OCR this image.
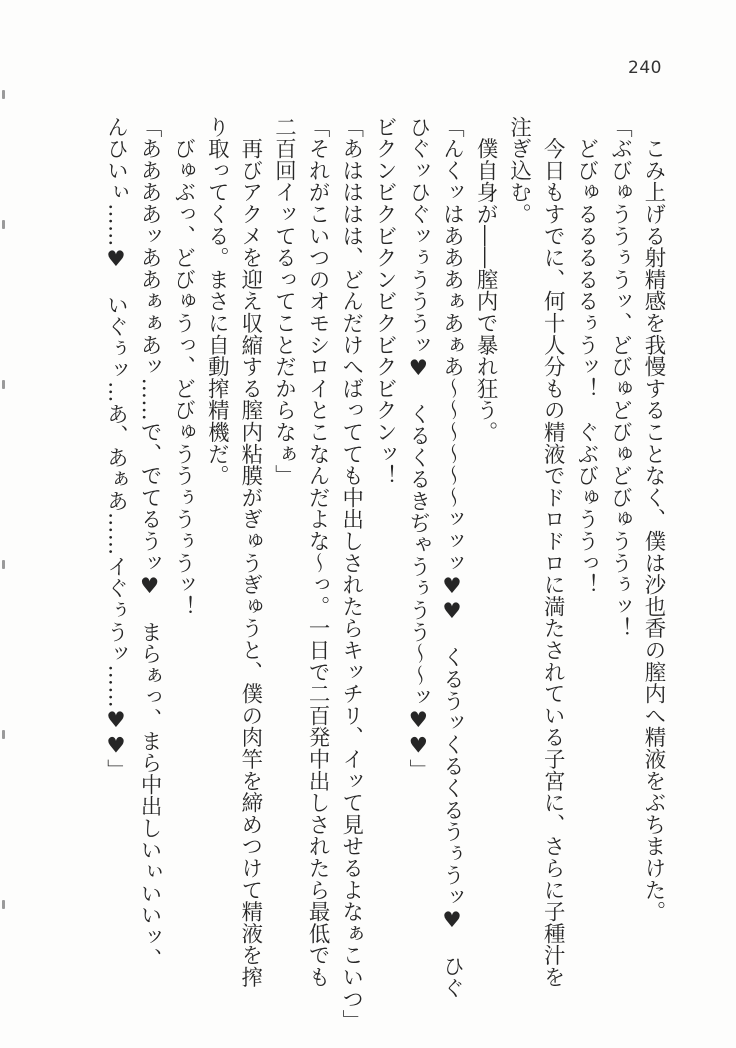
240
　こみ上げる射精感を我慢することなく、僕は沙也香の膣内へ精液をぶちまけた。
「ぶびゅううぅうッ、どびゅどびゅどびゅううぅッ！
　どびゅるるるるるぅうッ！　ぐぶびゅううっ！
　今日もすでに、何十人分もの精液でドロドロに満たされている子宮に、さらに子種汁を
注ぎ込む。
　僕自身が――膣内で暴れ狂う。
「んくッはあああぁあぁあ～～～～～～ッッッ♥♥　くるうッくるくるうぅうッ♥　ひぐ
ひぐッひぐッぅうううッ♥　くるくるきぢゃうぅうう～～ッ♥♥」
ビクンビクビクンビクビクビクンッ！
「あはははは、どんだけへばってても中出しされたらキッチリ、イッて見せるよなぁこいつ」
「それがこいつのオモシロイとこなんだよな～っ。一日で二百発中出しされたら最低でも
二百回イッてるってことだからなぁ」
　再びアクメを迎え収縮する膣内粘膜がぎゅうぎゅうと、僕の肉竿を締めつけて精液を搾
り取ってくる。まさに自動搾精機だ。
　びゅぶっ、どびゅうっ、どびゅううぅうぅうッ！
「ああああッああぁぁあッ……で、でてるうッ♥　まらぁっ、まら中出しいぃいいッ、
んひいぃ……♥　いぐぅッ…あ、あぁあ……イぐぅうッ……♥♥」
